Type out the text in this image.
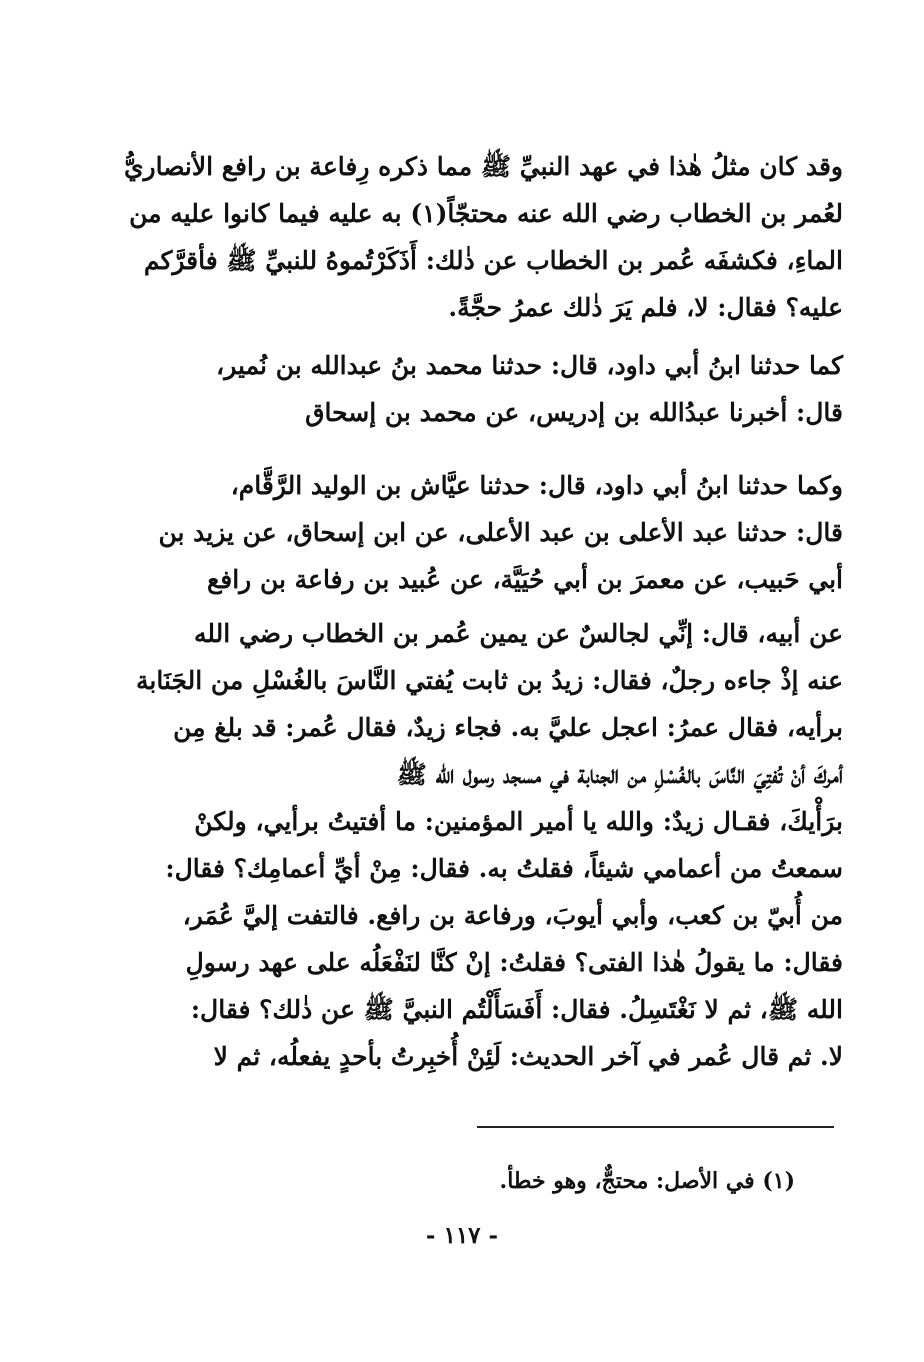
وقد كان مثلُ هٰذا في عهد النبيِّ ﷺ مما ذكره رِفاعة بن رافع الأنصاريُّ
لعُمر بن الخطاب رضي الله عنه محتجّاً(١) به عليه فيما كانوا عليه من
الماءِ، فكشفَه عُمر بن الخطاب عن ذٰلك: أَذَكَرْتُموهُ للنبيِّ ﷺ فأقرَّكم
عليه؟ فقال: لا، فلم يَرَ ذٰلك عمرُ حجَّةً.

كما حدثنا ابنُ أبي داود، قال: حدثنا محمد بنُ عبدالله بن نُمير،
قال: أخبرنا عبدُالله بن إدريس، عن محمد بن إسحاق

وكما حدثنا ابنُ أبي داود، قال: حدثنا عيَّاش بن الوليد الرَّقَّام،
قال: حدثنا عبد الأعلى بن عبد الأعلى، عن ابن إسحاق، عن يزيد بن
أبي حَبيب، عن معمرَ بن أبي حُيَيَّة، عن عُبيد بن رفاعة بن رافع

عن أبيه، قال: إنِّي لجالسٌ عن يمين عُمر بن الخطاب رضي الله
عنه إذْ جاءه رجلٌ، فقال: زيدُ بن ثابت يُفتي النَّاسَ بالغُسْلِ من الجَنَابة
برأيه، فقال عمرُ: اعجل عليَّ به. فجاء زيدٌ، فقال عُمر: قد بلغ مِن
أمركَ أنْ تُفتِيَ النَّاسَ بالغُسْلِ من الجنابة في مسجد رسول الله ﷺ
برَأْيكَ، فقـال زيدٌ: والله يا أمير المؤمنين: ما أفتيتُ برأيي، ولكنْ
سمعتُ من أعمامي شيئاً، فقلتُ به. فقال: مِنْ أيِّ أعمامِك؟ فقال:
من أُبيّ بن كعب، وأبي أيوبَ، ورفاعة بن رافع. فالتفت إليَّ عُمَر،
فقال: ما يقولُ هٰذا الفتى؟ فقلتُ: إنْ كنَّا لنَفْعَلُه على عهد رسولِ
الله ﷺ، ثم لا نَغْتَسِلُ. فقال: أَفَسَأَلْتُم النبيَّ ﷺ عن ذٰلك؟ فقال:
لا. ثم قال عُمر في آخر الحديث: لَئِنْ أُخبِرتُ بأحدٍ يفعلُه، ثم لا

(١) في الأصل: محتجٌّ، وهو خطأ.
- ١١٧ -
